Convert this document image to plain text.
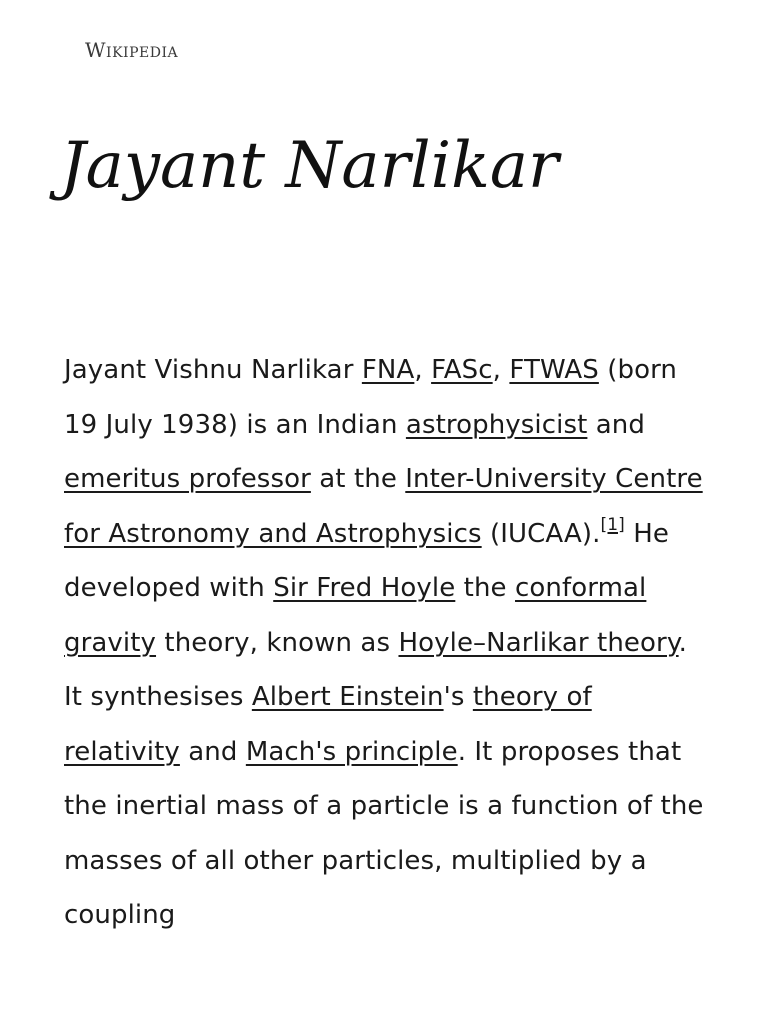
Wikipedia
Jayant Narlikar

Jayant Vishnu Narlikar FNA, FASc, FTWAS (born 19 July 1938) is an Indian astrophysicist and emeritus professor at the Inter-University Centre for Astronomy and Astrophysics (IUCAA).[1] He developed with Sir Fred Hoyle the conformal gravity theory, known as Hoyle–Narlikar theory. It synthesises Albert Einstein's theory of relativity and Mach's principle. It proposes that the inertial mass of a particle is a function of the masses of all other particles, multiplied by a coupling
